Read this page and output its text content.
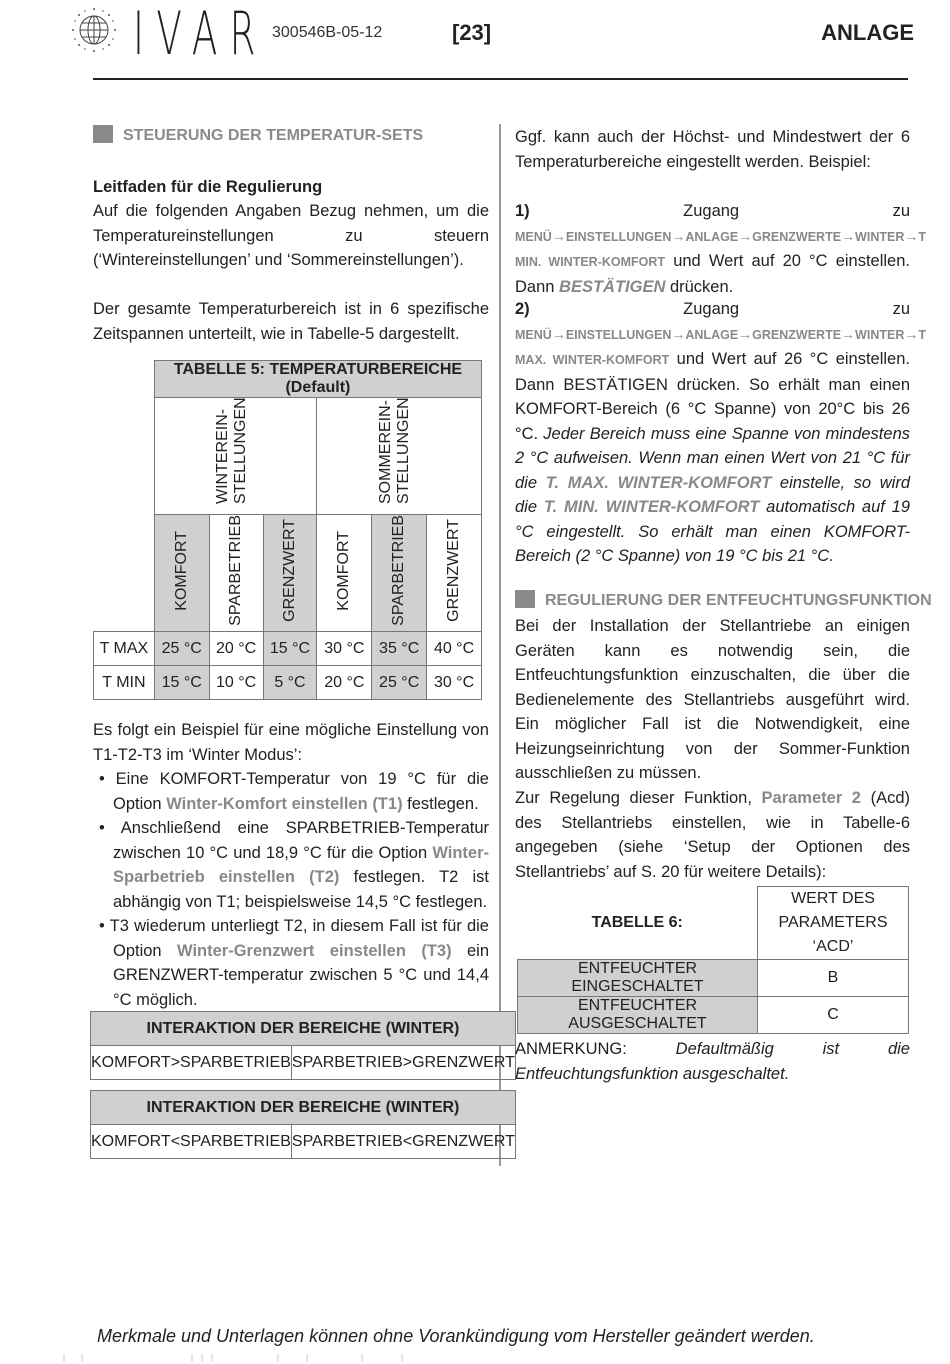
IVAR 300546B-05-12	[23]	ANLAGE
STEUERUNG DER TEMPERATUR-SETS
Leitfaden für die Regulierung
Auf die folgenden Angaben Bezug nehmen, um die Temperatureinstellungen zu steuern (‘Wintereinstellungen’ und ‘Sommereinstellungen’).
Der gesamte Temperaturbereich ist in 6 spezifische Zeitspannen unterteilt, wie in Tabelle-5 dargestellt.
	TABELLE 5: TEMPERATURBEREICHE (Default)					
	WINTEREIN-STELLUNGEN			SOMMEREIN-STELLUNGEN		
	KOMFORT	SPARBETRIEB	GRENZWERT	KOMFORT	SPARBETRIEB	GRENZWERT
T MAX	25 °C	20 °C	15 °C	30 °C	35 °C	40 °C
T MIN	15 °C	10 °C	5 °C	20 °C	25 °C	30 °C
Es folgt ein Beispiel für eine mögliche Einstellung von T1-T2-T3 im ‘Winter Modus’:
• Eine KOMFORT-Temperatur von 19 °C für die Option Winter-Komfort einstellen (T1) festlegen.
• Anschließend eine SPARBETRIEB-Temperatur zwischen 10 °C und 18,9 °C für die Option Winter-Sparbetrieb einstellen (T2) festlegen. T2 ist abhängig von T1; beispielsweise 14,5 °C festlegen.
• T3 wiederum unterliegt T2, in diesem Fall ist für die Option Winter-Grenzwert einstellen (T3) ein GRENZWERT-temperatur zwischen 5 °C und 14,4 °C möglich.
INTERAKTION DER BEREICHE (WINTER)
KOMFORT>SPARBETRIEB	SPARBETRIEB>GRENZWERT
INTERAKTION DER BEREICHE (WINTER)
KOMFORT<SPARBETRIEB	SPARBETRIEB<GRENZWERT
Ggf. kann auch der Höchst- und Mindestwert der 6 Temperaturbereiche eingestellt werden. Beispiel:
1) Zugang zu MENÜ→EINSTELLUNGEN→ANLAGE→GRENZWERTE→WINTER→T MIN. WINTER-KOMFORT und Wert auf 20 °C einstellen. Dann BESTÄTIGEN drücken.
2) Zugang zu MENÜ→EINSTELLUNGEN→ANLAGE→GRENZWERTE→WINTER→T MAX. WINTER-KOMFORT und Wert auf 26 °C einstellen. Dann BESTÄTIGEN drücken. So erhält man einen KOMFORT-Bereich (6 °C Spanne) von 20°C bis 26 °C. Jeder Bereich muss eine Spanne von mindestens 2 °C aufweisen. Wenn man einen Wert von 21 °C für die T. MAX. WINTER-KOMFORT einstelle, so wird die T. MIN. WINTER-KOMFORT automatisch auf 19 °C eingestellt. So erhält man einen KOMFORT-Bereich (2 °C Spanne) von 19 °C bis 21 °C.
REGULIERUNG DER ENTFEUCHTUNGSFUNKTION
Bei der Installation der Stellantriebe an einigen Geräten kann es notwendig sein, die Entfeuchtungsfunktion einzuschalten, die über die Bedienelemente des Stellantriebs ausgeführt wird. Ein möglicher Fall ist die Notwendigkeit, eine Heizungseinrichtung von der Sommer-Funktion ausschließen zu müssen.
Zur Regelung dieser Funktion, Parameter 2 (Acd) des Stellantriebs einstellen, wie in Tabelle-6 angegeben (siehe ‘Setup der Optionen des Stellantriebs’ auf S. 20 für weitere Details):
TABELLE 6:	WERT DES PARAMETERS ‘ACD’
ENTFEUCHTER EINGESCHALTET	B
ENTFEUCHTER AUSGESCHALTET	C
ANMERKUNG: Defaultmäßig ist die Entfeuchtungsfunktion ausgeschaltet.
Merkmale und Unterlagen können ohne Vorankündigung vom Hersteller geändert werden.
